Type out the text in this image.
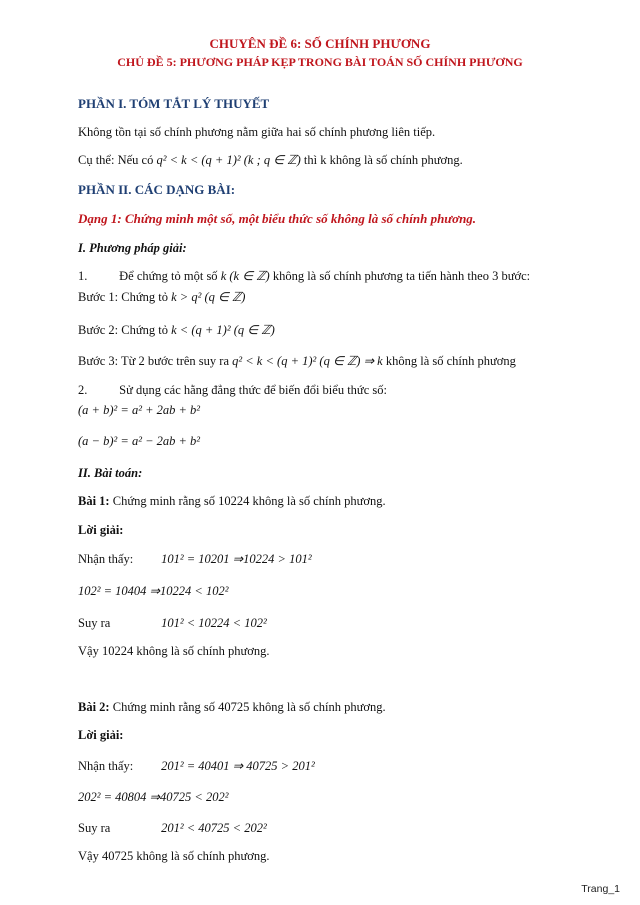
CHUYÊN ĐỀ 6: SỐ CHÍNH PHƯƠNG
CHỦ ĐỀ 5: PHƯƠNG PHÁP KẸP TRONG BÀI TOÁN SỐ CHÍNH PHƯƠNG
PHẦN I. TÓM TẮT LÝ THUYẾT
Không tồn tại số chính phương nằm giữa hai số chính phương liên tiếp.
Cụ thể: Nếu có q² < k < (q + 1)² (k ; q ∈ ℤ) thì k không là số chính phương.
PHẦN II. CÁC DẠNG BÀI:
Dạng 1: Chứng minh một số, một biểu thức số không là số chính phương.
I. Phương pháp giải:
1.	Để chứng tỏ một số k (k ∈ ℤ) không là số chính phương ta tiến hành theo 3 bước:
Bước 1: Chứng tỏ k > q² (q ∈ ℤ)
Bước 2: Chứng tỏ k < (q + 1)² (q ∈ ℤ)
Bước 3: Từ 2 bước trên suy ra q² < k < (q + 1)² (q ∈ ℤ) ⇒ k không là số chính phương
2.	Sử dụng các hằng đẳng thức để biến đổi biểu thức số:
(a + b)² = a² + 2ab + b²
(a − b)² = a² − 2ab + b²
II. Bài toán:
Bài 1: Chứng minh rằng số 10224 không là số chính phương.
Lời giải:
Nhận thấy: 101² = 10201 ⇒10224 > 101²
102² = 10404 ⇒10224 < 102²
Suy ra	101² < 10224 < 102²
Vậy 10224 không là số chính phương.
Bài 2: Chứng minh rằng số 40725 không là số chính phương.
Lời giải:
Nhận thấy: 201² = 40401 ⇒ 40725 > 201²
202² = 40804 ⇒40725 < 202²
Suy ra	201² < 40725 < 202²
Vậy 40725 không là số chính phương.
Trang_1
